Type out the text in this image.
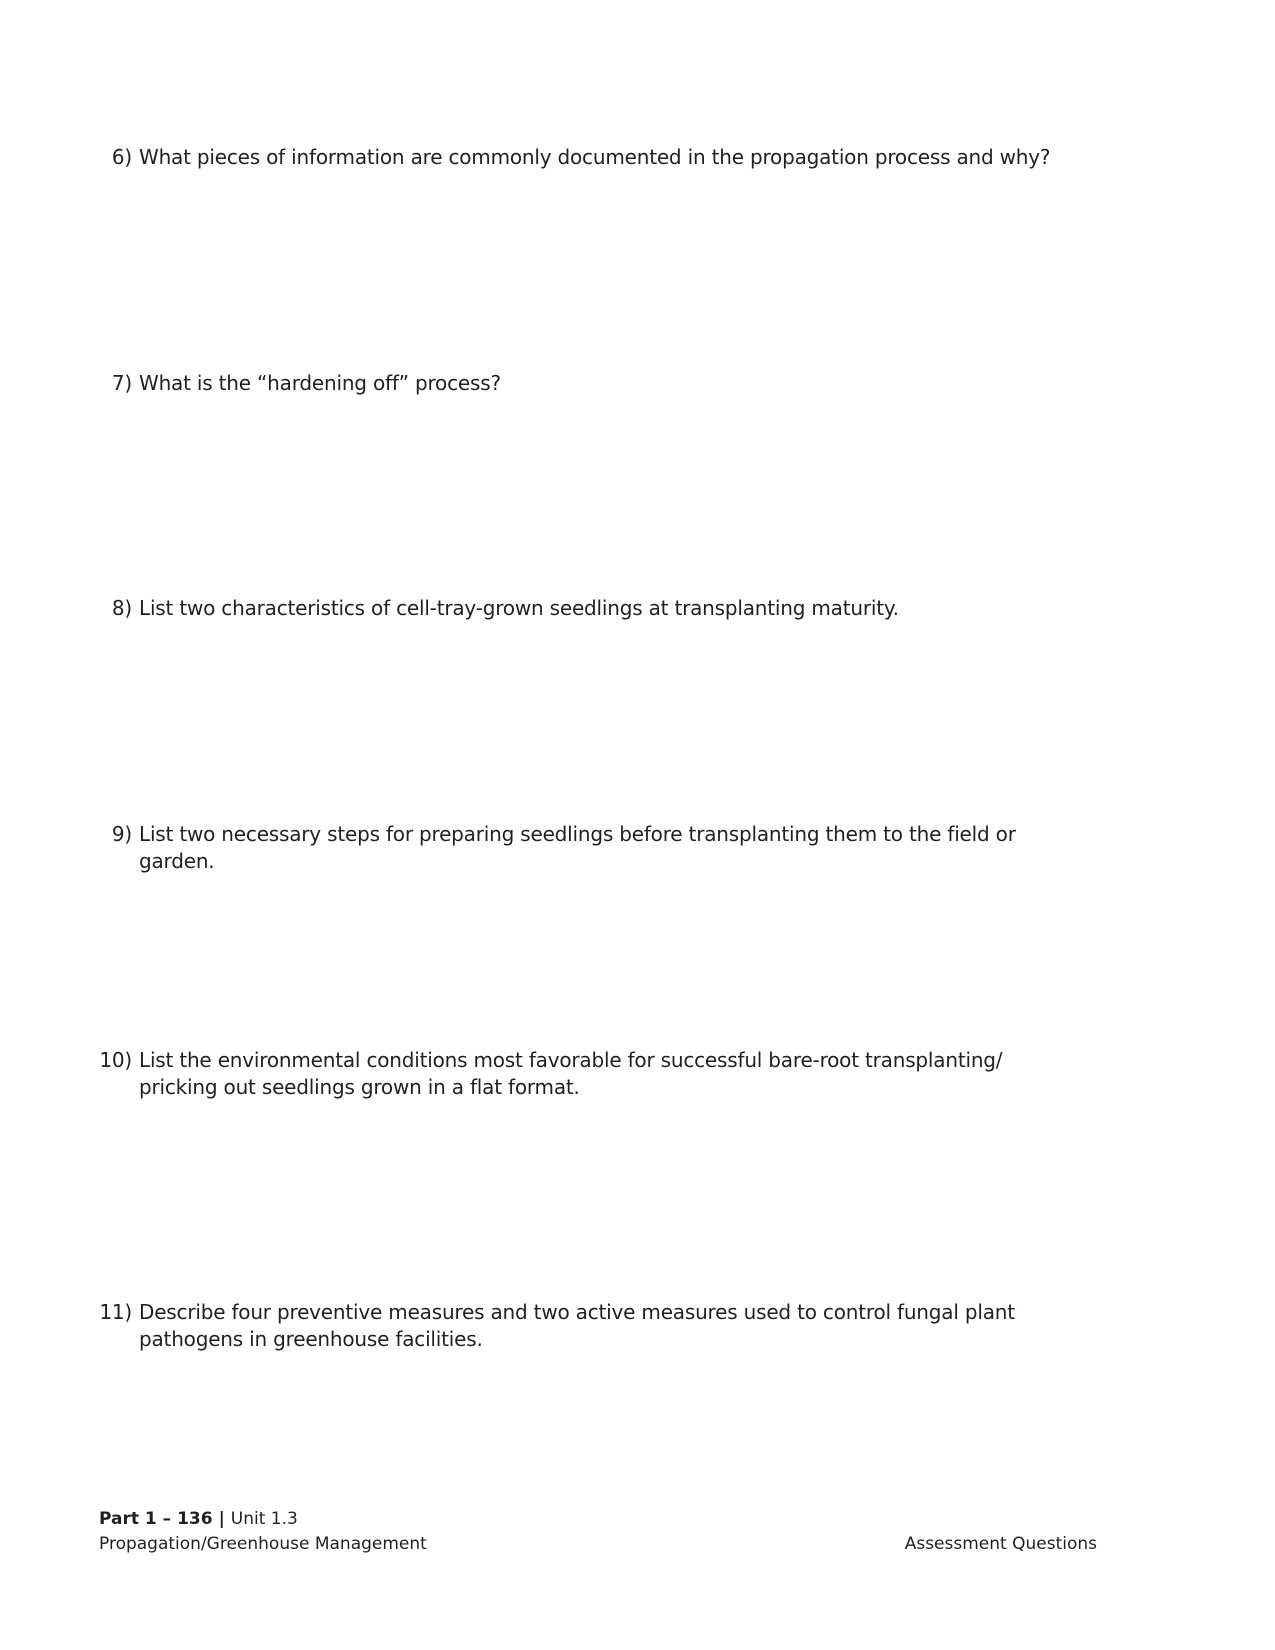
6) What pieces of information are commonly documented in the propagation process and why?
7) What is the “hardening off” process?
8) List two characteristics of cell-tray-grown seedlings at transplanting maturity.
9) List two necessary steps for preparing seedlings before transplanting them to the field or garden.
10) List the environmental conditions most favorable for successful bare-root transplanting/ pricking out seedlings grown in a flat format.
11) Describe four preventive measures and two active measures used to control fungal plant pathogens in greenhouse facilities.
Part 1 – 136 | Unit 1.3
Propagation/Greenhouse Management	Assessment Questions
